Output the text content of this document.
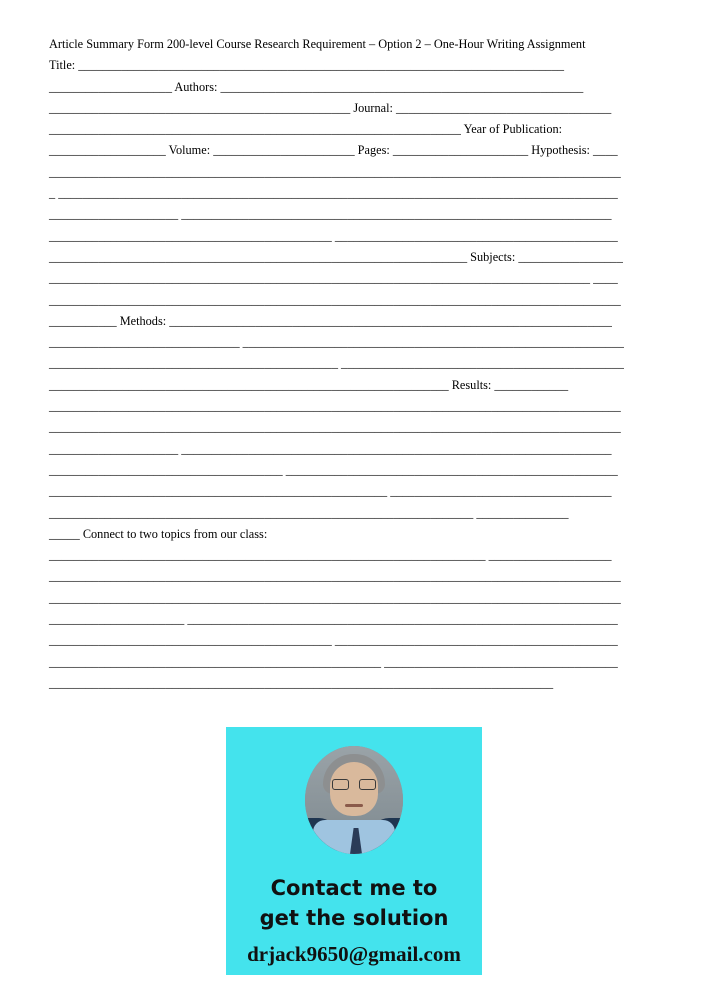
Article Summary Form 200-level Course Research Requirement – Option 2 – One-Hour Writing Assignment
Title: _______________________________________________________________________________
____________________ Authors: ___________________________________________________________
_________________________________________________ Journal: ___________________________________
___________________________________________________________________ Year of Publication:
___________________ Volume: _______________________ Pages: ______________________ Hypothesis: ____
_____________________________________________________________________________________________
_ ___________________________________________________________________________________________
_____________________ ______________________________________________________________________
______________________________________________ ______________________________________________
____________________________________________________________________ Subjects: _________________
________________________________________________________________________________________ ____
_____________________________________________________________________________________________
___________ Methods: ________________________________________________________________________
_______________________________ ______________________________________________________________
_______________________________________________ ______________________________________________
_________________________________________________________________ Results: ____________
_____________________________________________________________________________________________
_____________________________________________________________________________________________
_____________________ ______________________________________________________________________
______________________________________ ______________________________________________________
_______________________________________________________ ____________________________________
_____________________________________________________________________ _______________
_____ Connect to two topics from our class:
_______________________________________________________________________ ____________________
_____________________________________________________________________________________________
_____________________________________________________________________________________________
______________________ ______________________________________________________________________
______________________________________________ ______________________________________________
______________________________________________________ ______________________________________
__________________________________________________________________________________
Contact me to
get the solution
drjack9650@gmail.com
